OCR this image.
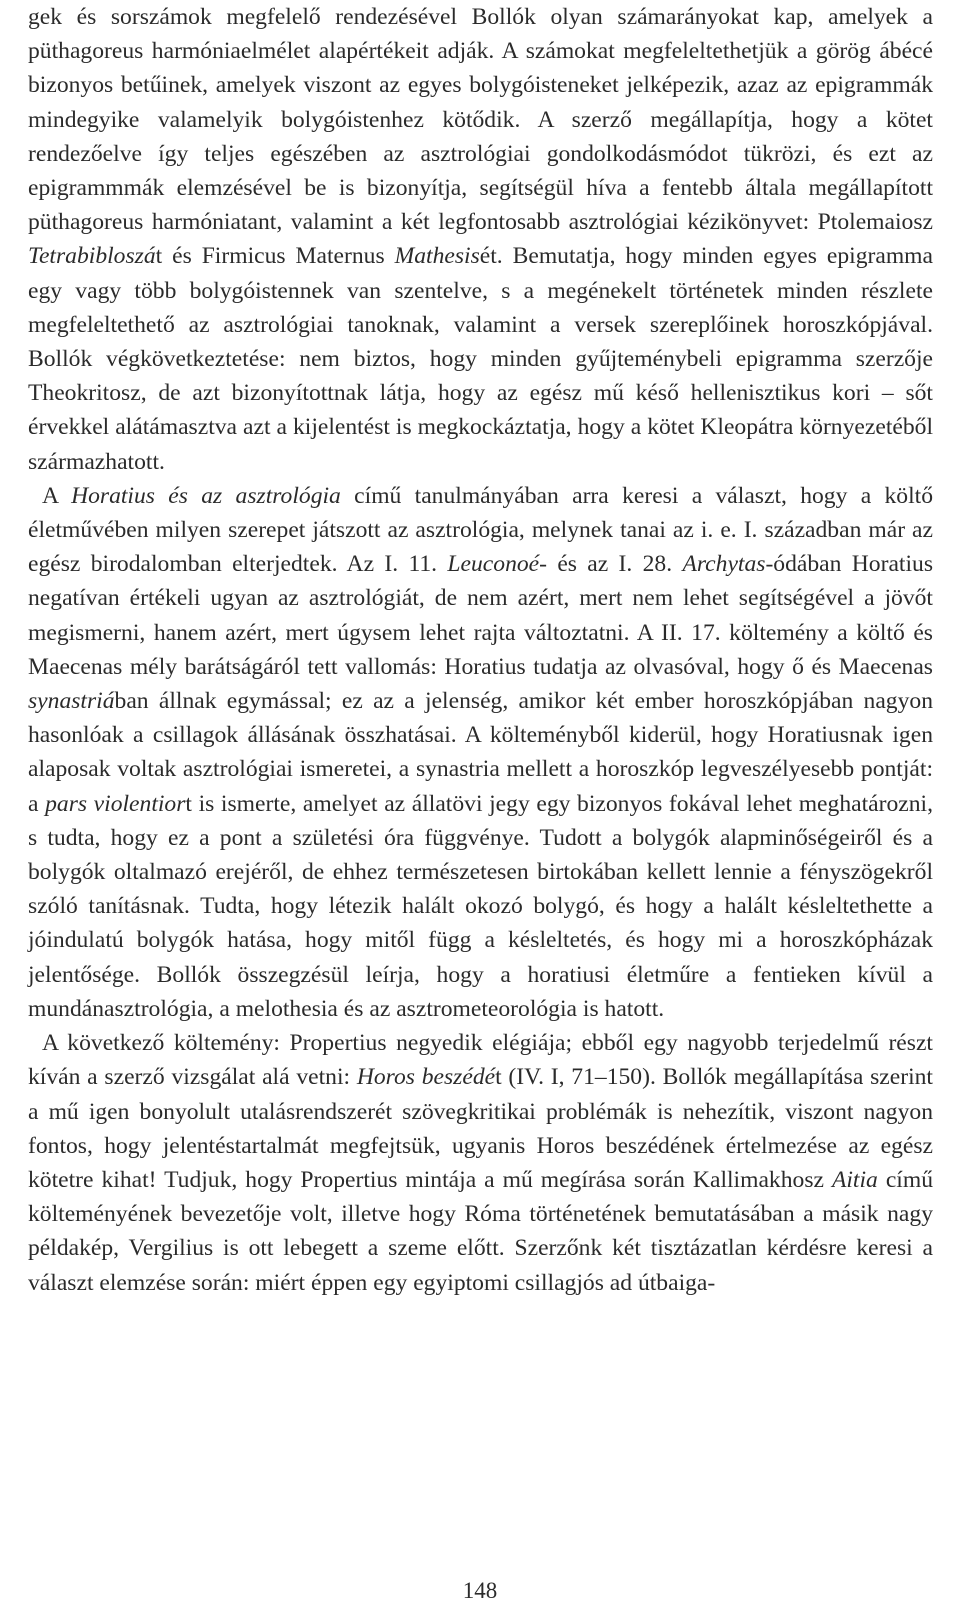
gek és sorszámok megfelelő rendezésével Bollók olyan számarányokat kap, amelyek a püthagoreus harmóniaelmélet alapértékeit adják. A számokat megfeleltethetjük a görög ábécé bizonyos betűinek, amelyek viszont az egyes bolygóisteneket jelképezik, azaz az epigrammák mindegyike valamelyik bolygóistenhez kötődik. A szerző megállapítja, hogy a kötet rendezőelve így teljes egészében az asztrológiai gondolkodásmódot tükrözi, és ezt az epigrammmák elemzésével be is bizonyítja, segítségül híva a fentebb általa megállapított püthagoreus harmóniatant, valamint a két legfontosabb asztrológiai kézikönyvet: Ptolemaiosz Tetrabibloszát és Firmicus Maternus Mathesisét. Bemutatja, hogy minden egyes epigramma egy vagy több bolygóistennek van szentelve, s a megénekelt történetek minden részlete megfeleltethető az asztrológiai tanoknak, valamint a versek szereplőinek horoszkópjával. Bollók végkövetkeztetése: nem biztos, hogy minden gyűjteménybeli epigramma szerzője Theokritosz, de azt bizonyítottnak látja, hogy az egész mű késő hellenisztikus kori – sőt érvekkel alátámasztva azt a kijelentést is megkockáztatja, hogy a kötet Kleopátra környezetéből származhatott.

A Horatius és az asztrológia című tanulmányában arra keresi a választ, hogy a költő életművében milyen szerepet játszott az asztrológia, melynek tanai az i. e. I. században már az egész birodalomban elterjedtek. Az I. 11. Leuconoé- és az I. 28. Archytas-ódában Horatius negatívan értékeli ugyan az asztrológiát, de nem azért, mert nem lehet segítségével a jövőt megismerni, hanem azért, mert úgysem lehet rajta változtatni. A II. 17. költemény a költő és Maecenas mély barátságáról tett vallomás: Horatius tudatja az olvasóval, hogy ő és Maecenas synastriában állnak egymással; ez az a jelenség, amikor két ember horoszkópjában nagyon hasonlóak a csillagok állásának összhatásai. A költeményből kiderül, hogy Horatiusnak igen alaposak voltak asztrológiai ismeretei, a synastria mellett a horoszkóp legveszélyesebb pontját: a pars violentiort is ismerte, amelyet az állatövi jegy egy bizonyos fokával lehet meghatározni, s tudta, hogy ez a pont a születési óra függvénye. Tudott a bolygók alapminőségeiről és a bolygók oltalmazó erejéről, de ehhez természetesen birtokában kellett lennie a fényszögekről szóló tanításnak. Tudta, hogy létezik halált okozó bolygó, és hogy a halált késleltethette a jóindulatú bolygók hatása, hogy mitől függ a késleltetés, és hogy mi a horoszkópházak jelentősége. Bollók összegzésül leírja, hogy a horatiusi életműre a fentieken kívül a mundánasztrológia, a melothesia és az asztrometeorológia is hatott.

A következő költemény: Propertius negyedik elégiája; ebből egy nagyobb terjedelmű részt kíván a szerző vizsgálat alá vetni: Horos beszédét (IV. I, 71–150). Bollók megállapítása szerint a mű igen bonyolult utalásrendszerét szövegkritikai problémák is nehezítik, viszont nagyon fontos, hogy jelentéstartalmát megfejtsük, ugyanis Horos beszédének értelmezése az egész kötetre kihat! Tudjuk, hogy Propertius mintája a mű megírása során Kallimakhosz Aitia című költeményének bevezetője volt, illetve hogy Róma történetének bemutatásában a másik nagy példakép, Vergilius is ott lebegett a szeme előtt. Szerzőnk két tisztázatlan kérdésre keresi a választ elemzése során: miért éppen egy egyiptomi csillagjós ad útbaiga-

148
